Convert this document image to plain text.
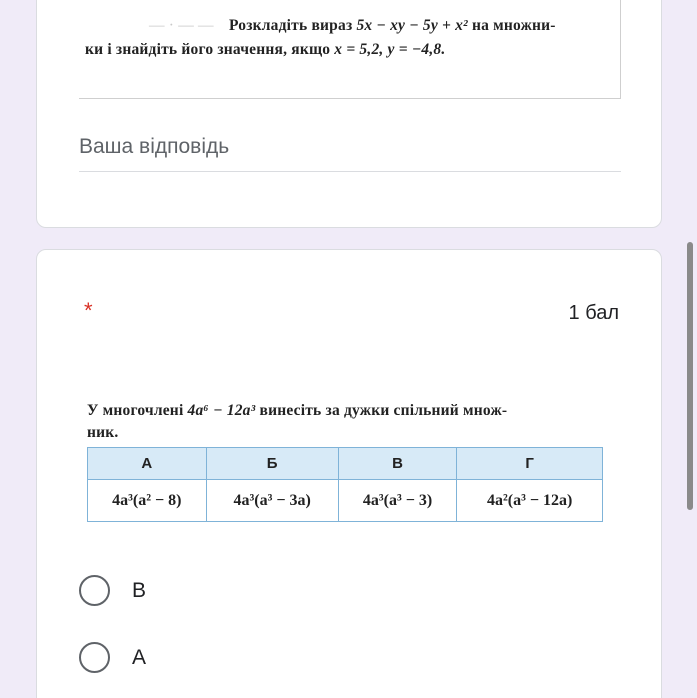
Розкладіть вираз 5x − xy − 5y + x² на множни-
— · — —
ки і знайдіть його значення, якщо x = 5,2, y = −4,8.
Ваша відповідь
*	1 бал
У многочлені 4a⁶ − 12a³ винесіть за дужки спільний множ-
ник.
А	Б	В	Г
4a³(a² − 8)	4a³(a³ − 3a)	4a³(a³ − 3)	4a²(a³ − 12a)
В
А
